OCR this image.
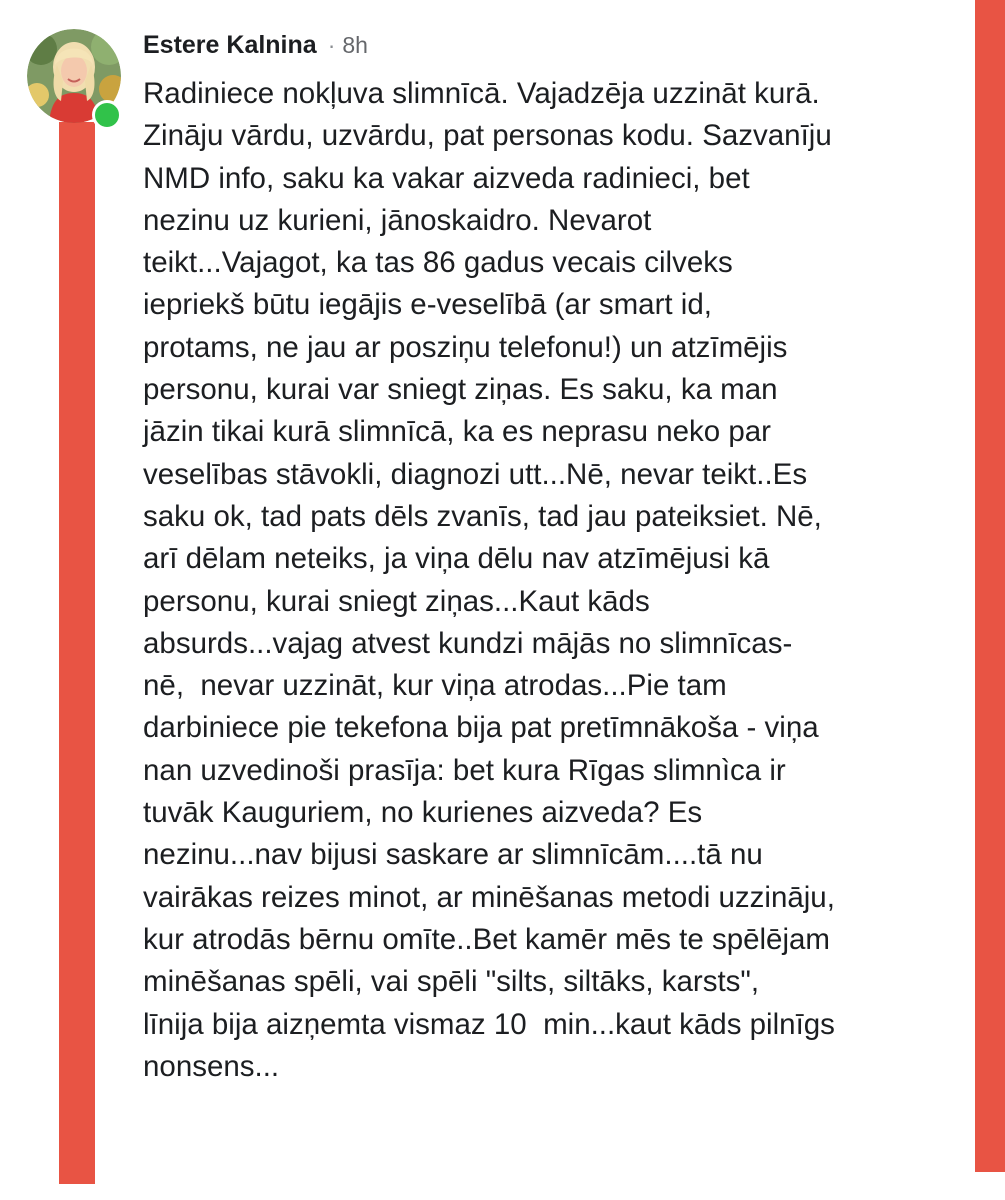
Estere Kalnina · 8h
Radiniece nokļuva slimnīcā. Vajadzēja uzzināt kurā.
Zināju vārdu, uzvārdu, pat personas kodu. Sazvanīju
NMD info, saku ka vakar aizveda radinieci, bet
nezinu uz kurieni, jānoskaidro. Nevarot
teikt...Vajagot, ka tas 86 gadus vecais cilveks
iepriekš būtu iegājis e-veselībā (ar smart id,
protams, ne jau ar posziņu telefonu!) un atzīmējis
personu, kurai var sniegt ziņas. Es saku, ka man
jāzin tikai kurā slimnīcā, ka es neprasu neko par
veselības stāvokli, diagnozi utt...Nē, nevar teikt..Es
saku ok, tad pats dēls zvanīs, tad jau pateiksiet. Nē,
arī dēlam neteiks, ja viņa dēlu nav atzīmējusi kā
personu, kurai sniegt ziņas...Kaut kāds
absurds...vajag atvest kundzi mājās no slimnīcas-
nē,  nevar uzzināt, kur viņa atrodas...Pie tam
darbiniece pie tekefona bija pat pretīmnākoša - viņa
nan uzvedinoši prasīja: bet kura Rīgas slimnìca ir
tuvāk Kauguriem, no kurienes aizveda? Es
nezinu...nav bijusi saskare ar slimnīcām....tā nu
vairākas reizes minot, ar minēšanas metodi uzzināju,
kur atrodās bērnu omīte..Bet kamēr mēs te spēlējam
minēšanas spēli, vai spēli "silts, siltāks, karsts",
līnija bija aizņemta vismaz 10  min...kaut kāds pilnīgs
nonsens...
